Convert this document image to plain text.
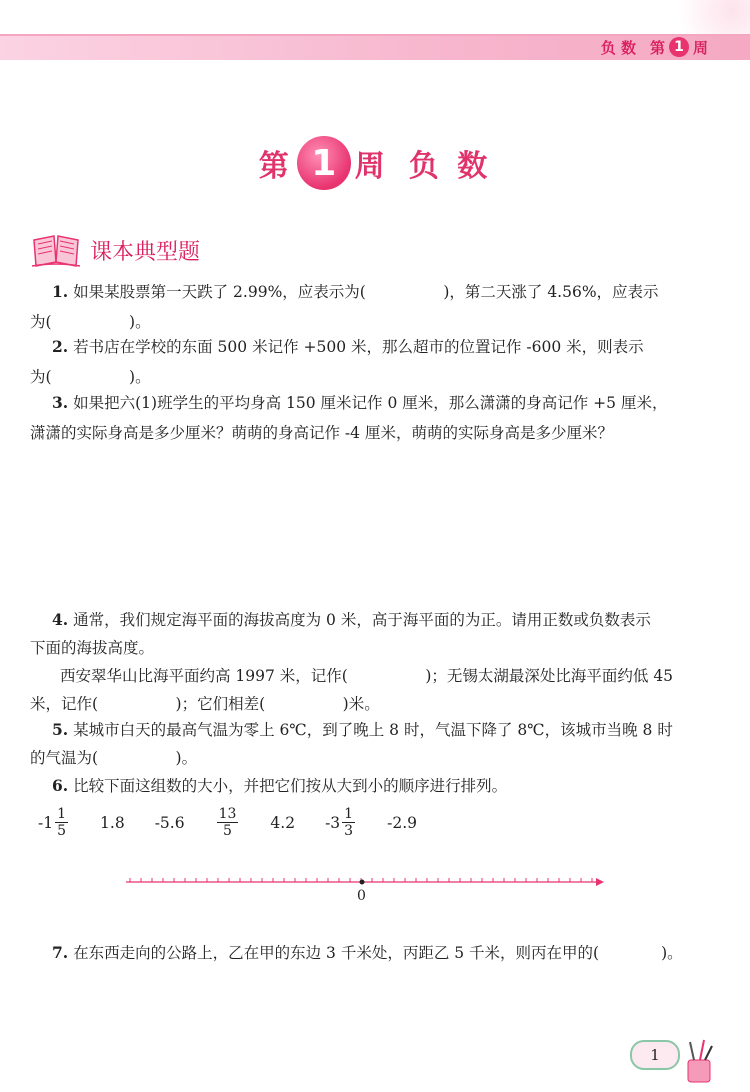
负 数 第 1 周
第 1 周 负 数
课本典型题
1. 如果某股票第一天跌了 2.99%，应表示为(　　　　　)，第二天涨了 4.56%，应表示
为(　　　　　)。
2. 若书店在学校的东面 500 米记作 +500 米，那么超市的位置记作 -600 米，则表示
为(　　　　　)。
3. 如果把六(1)班学生的平均身高 150 厘米记作 0 厘米，那么潇潇的身高记作 +5 厘米，
潇潇的实际身高是多少厘米？萌萌的身高记作 -4 厘米，萌萌的实际身高是多少厘米？
4. 通常，我们规定海平面的海拔高度为 0 米，高于海平面的为正。请用正数或负数表示
下面的海拔高度。
西安翠华山比海平面约高 1997 米，记作(　　　　　)；无锡太湖最深处比海平面约低 45
米，记作(　　　　　)；它们相差(　　　　　)米。
5. 某城市白天的最高气温为零上 6℃，到了晚上 8 时，气温下降了 8℃，该城市当晚 8 时
的气温为(　　　　　)。
6. 比较下面这组数的大小，并把它们按从大到小的顺序进行排列。
$-1 \frac{1}{5} 1.8$ $-5.6 \frac{13}{5} 4.2$ $-3 \frac{1}{3} -2.9$
0
7. 在东西走向的公路上，乙在甲的东边 3 千米处，丙距乙 5 千米，则丙在甲的(　　　　)。
1
